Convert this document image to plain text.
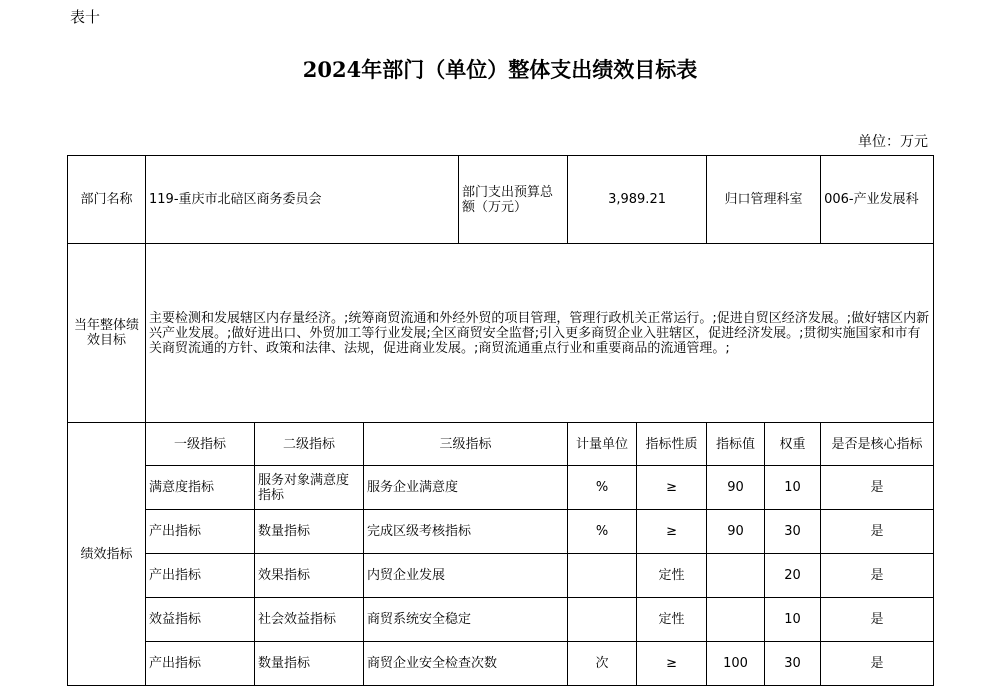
表十
2024年部门（单位）整体支出绩效目标表
单位：万元
部门名称	119-重庆市北碚区商务委员会			部门支出预算总额（万元）	3,989.21		归口管理科室		006-产业发展科
当年整体绩效目标	主要检测和发展辖区内存量经济。;统筹商贸流通和外经外贸的项目管理，管理行政机关正常运行。;促进自贸区经济发展。;做好辖区内新兴产业发展。;做好进出口、外贸加工等行业发展;全区商贸安全监督;引入更多商贸企业入驻辖区，促进经济发展。;贯彻实施国家和市有关商贸流通的方针、政策和法律、法规，促进商业发展。;商贸流通重点行业和重要商品的流通管理。;								
绩效指标	一级指标	二级指标	三级指标		计量单位	指标性质	指标值	权重	是否是核心指标
	满意度指标	服务对象满意度指标	服务企业满意度		%	≥	90	10	是
	产出指标	数量指标	完成区级考核指标		%	≥	90	30	是
	产出指标	效果指标	内贸企业发展			定性		20	是
	效益指标	社会效益指标	商贸系统安全稳定			定性		10	是
	产出指标	数量指标	商贸企业安全检查次数		次	≥	100	30	是
